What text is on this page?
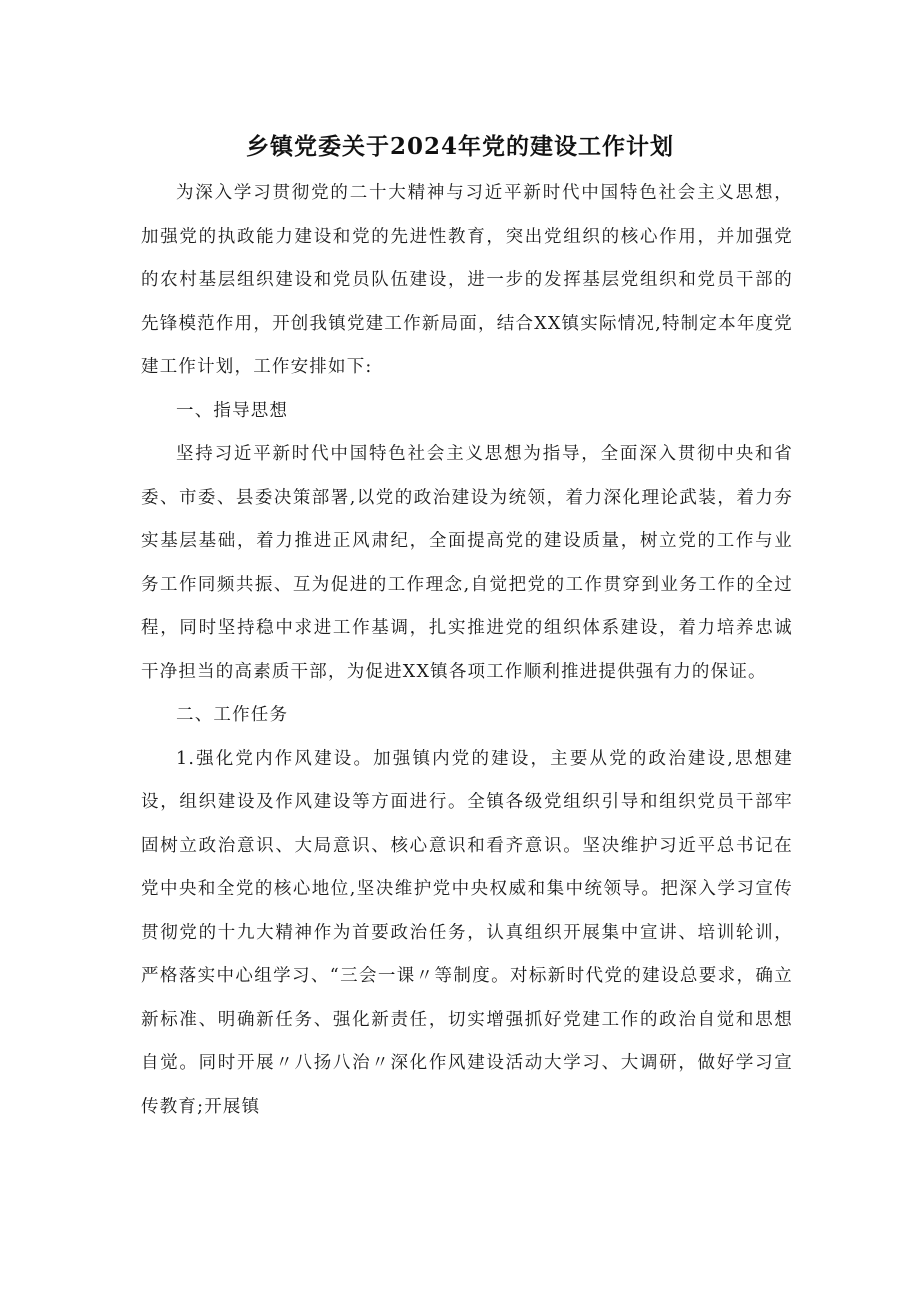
乡镇党委关于2024年党的建设工作计划

为深入学习贯彻党的二十大精神与习近平新时代中国特色社会主义思想，加强党的执政能力建设和党的先进性教育，突出党组织的核心作用，并加强党的农村基层组织建设和党员队伍建设，进一步的发挥基层党组织和党员干部的先锋模范作用，开创我镇党建工作新局面，结合XX镇实际情况,特制定本年度党建工作计划，工作安排如下:

一、指导思想

坚持习近平新时代中国特色社会主义思想为指导，全面深入贯彻中央和省委、市委、县委决策部署,以党的政治建设为统领，着力深化理论武装，着力夯实基层基础，着力推进正风肃纪，全面提高党的建设质量，树立党的工作与业务工作同频共振、互为促进的工作理念,自觉把党的工作贯穿到业务工作的全过程，同时坚持稳中求进工作基调，扎实推进党的组织体系建设，着力培养忠诚干净担当的高素质干部，为促进XX镇各项工作顺利推进提供强有力的保证。

二、工作任务

1.强化党内作风建设。加强镇内党的建设，主要从党的政治建设,思想建设，组织建设及作风建设等方面进行。全镇各级党组织引导和组织党员干部牢固树立政治意识、大局意识、核心意识和看齐意识。坚决维护习近平总书记在党中央和全党的核心地位,坚决维护党中央权威和集中统领导。把深入学习宣传贯彻党的十九大精神作为首要政治任务，认真组织开展集中宣讲、培训轮训，严格落实中心组学习、“三会一课〃等制度。对标新时代党的建设总要求，确立新标准、明确新任务、强化新责任，切实增强抓好党建工作的政治自觉和思想自觉。同时开展〃八扬八治〃深化作风建设活动大学习、大调研，做好学习宣传教育;开展镇
